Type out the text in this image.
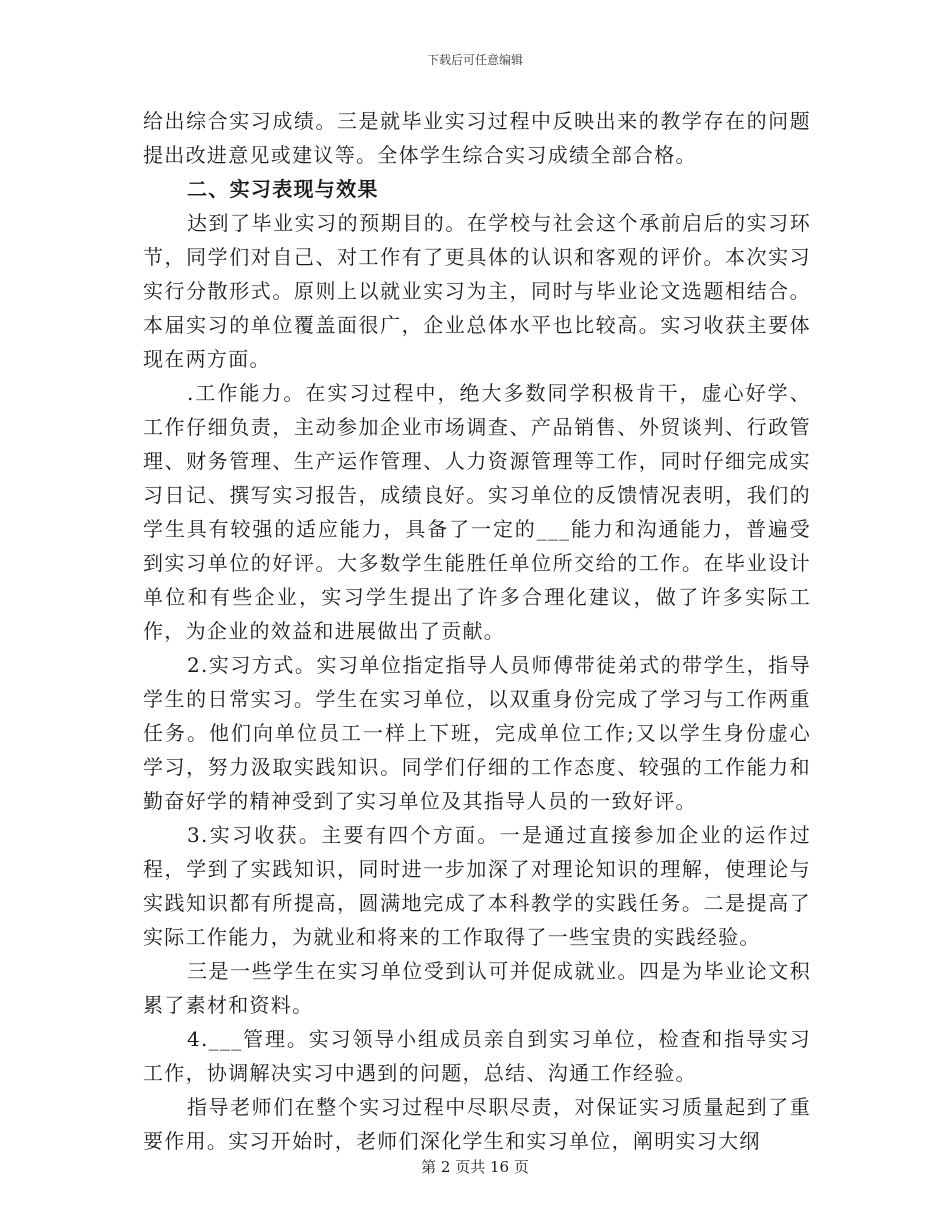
下载后可任意编辑

给出综合实习成绩。三是就毕业实习过程中反映出来的教学存在的问题提出改进意见或建议等。全体学生综合实习成绩全部合格。

二、实习表现与效果

达到了毕业实习的预期目的。在学校与社会这个承前启后的实习环节，同学们对自己、对工作有了更具体的认识和客观的评价。本次实习实行分散形式。原则上以就业实习为主，同时与毕业论文选题相结合。本届实习的单位覆盖面很广，企业总体水平也比较高。实习收获主要体现在两方面。

.工作能力。在实习过程中，绝大多数同学积极肯干，虚心好学、工作仔细负责，主动参加企业市场调查、产品销售、外贸谈判、行政管理、财务管理、生产运作管理、人力资源管理等工作，同时仔细完成实习日记、撰写实习报告，成绩良好。实习单位的反馈情况表明，我们的学生具有较强的适应能力，具备了一定的___能力和沟通能力，普遍受到实习单位的好评。大多数学生能胜任单位所交给的工作。在毕业设计单位和有些企业，实习学生提出了许多合理化建议，做了许多实际工作，为企业的效益和进展做出了贡献。

2.实习方式。实习单位指定指导人员师傅带徒弟式的带学生，指导学生的日常实习。学生在实习单位，以双重身份完成了学习与工作两重任务。他们向单位员工一样上下班，完成单位工作;又以学生身份虚心学习，努力汲取实践知识。同学们仔细的工作态度、较强的工作能力和勤奋好学的精神受到了实习单位及其指导人员的一致好评。

3.实习收获。主要有四个方面。一是通过直接参加企业的运作过程，学到了实践知识，同时进一步加深了对理论知识的理解，使理论与实践知识都有所提高，圆满地完成了本科教学的实践任务。二是提高了实际工作能力，为就业和将来的工作取得了一些宝贵的实践经验。

三是一些学生在实习单位受到认可并促成就业。四是为毕业论文积累了素材和资料。

4.___管理。实习领导小组成员亲自到实习单位，检查和指导实习工作，协调解决实习中遇到的问题，总结、沟通工作经验。

指导老师们在整个实习过程中尽职尽责，对保证实习质量起到了重要作用。实习开始时，老师们深化学生和实习单位，阐明实习大纲

第 2 页共 16 页
